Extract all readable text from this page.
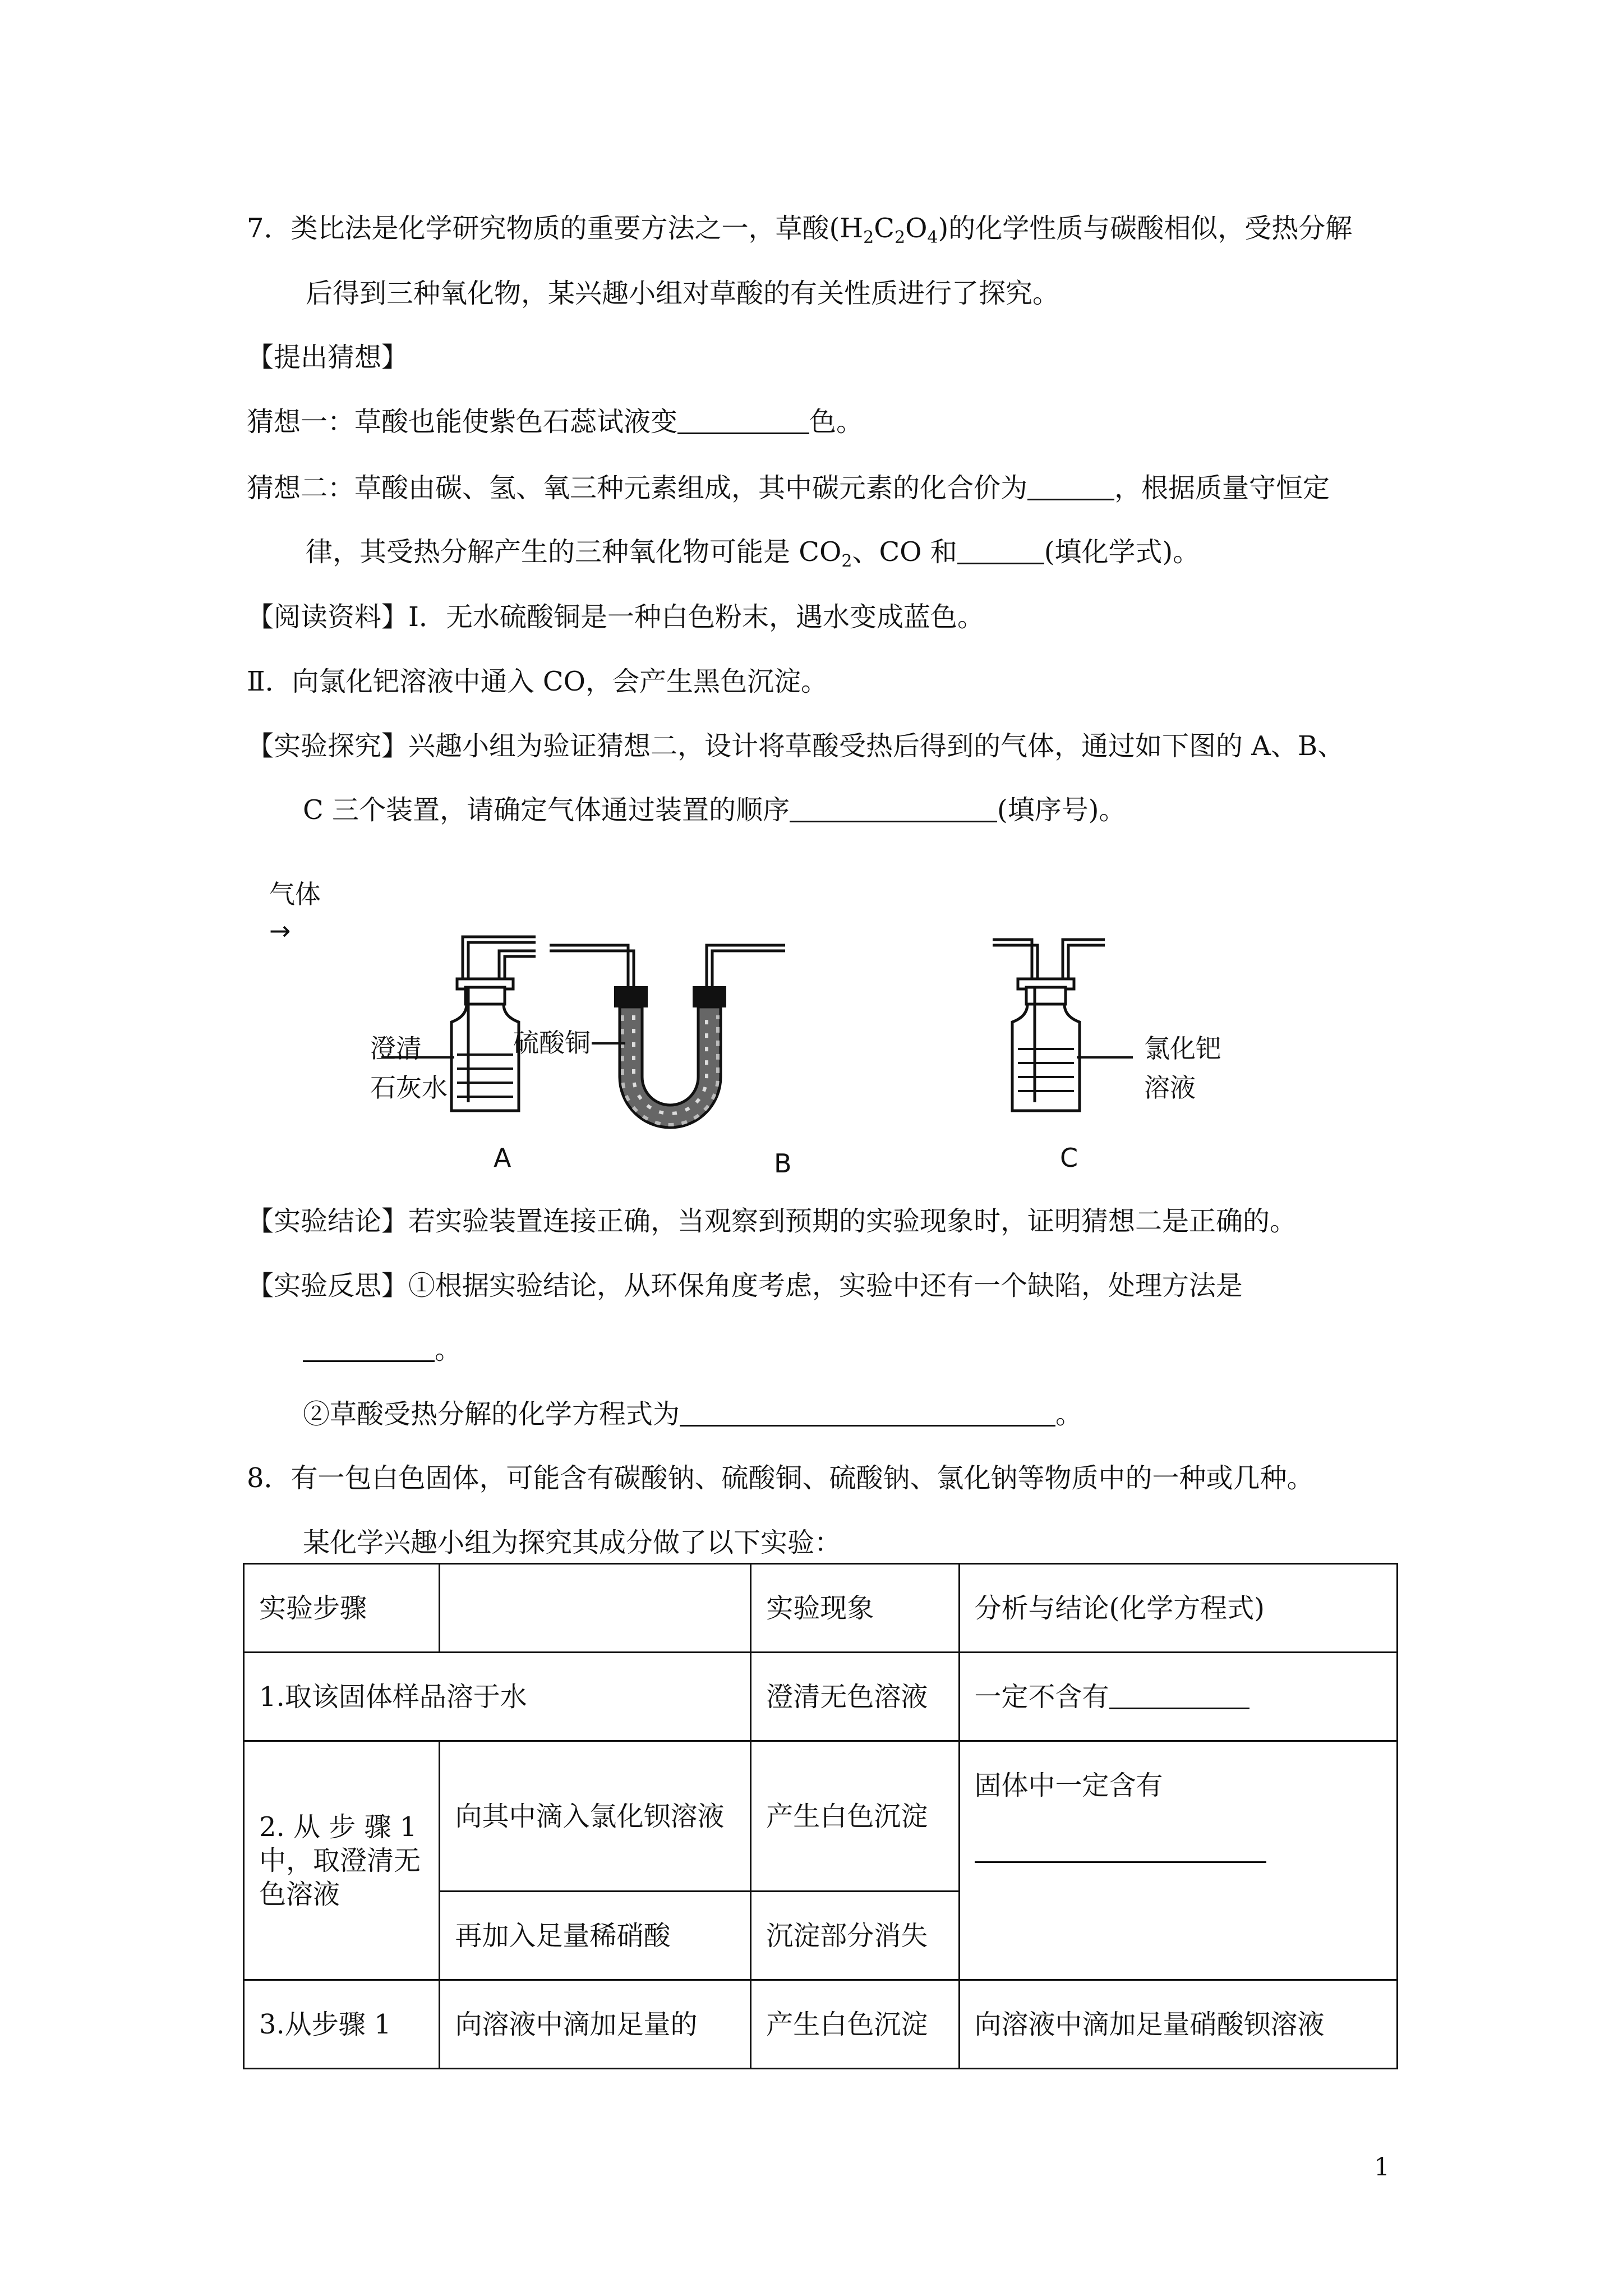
7．类比法是化学研究物质的重要方法之一，草酸$(H_2C_2O_4)$的化学性质与碳酸相似，受热分解
后得到三种氧化物，某兴趣小组对草酸的有关性质进行了探究。
【提出猜想】
猜想一：草酸也能使紫色石蕊试液变	色。
猜想二：草酸由碳、氢、氧三种元素组成，其中碳元素的化合价为	，根据质量守恒定
律，其受热分解产生的三种氧化物可能是 $CO_2$、CO 和	(填化学式)。
【阅读资料】Ⅰ．无水硫酸铜是一种白色粉末，遇水变成蓝色。
Ⅱ．向氯化钯溶液中通入 CO，会产生黑色沉淀。
【实验探究】兴趣小组为验证猜想二，设计将草酸受热后得到的气体，通过如下图的 A、B、
C 三个装置，请确定气体通过装置的顺序	(填序号)。
气体
→
澄清
石灰水
A
硫酸铜
B
氯化钯
溶液
C
【实验结论】若实验装置连接正确，当观察到预期的实验现象时，证明猜想二是正确的。
【实验反思】①根据实验结论，从环保角度考虑，实验中还有一个缺陷，处理方法是
。
②草酸受热分解的化学方程式为	。
8．有一包白色固体，可能含有碳酸钠、硫酸铜、硫酸钠、氯化钠等物质中的一种或几种。
某化学兴趣小组为探究其成分做了以下实验：
实验步骤		实验现象	分析与结论(化学方程式)
1.取该固体样品溶于水		澄清无色溶液	一定不含有
2. 从 步 骤 1 中，取澄清无色溶液	向其中滴入氯化钡溶液	产生白色沉淀	固体中一定含有

	再加入足量稀硝酸	沉淀部分消失	
3.从步骤 1	向溶液中滴加足量的	产生白色沉淀	向溶液中滴加足量硝酸钡溶液
1
